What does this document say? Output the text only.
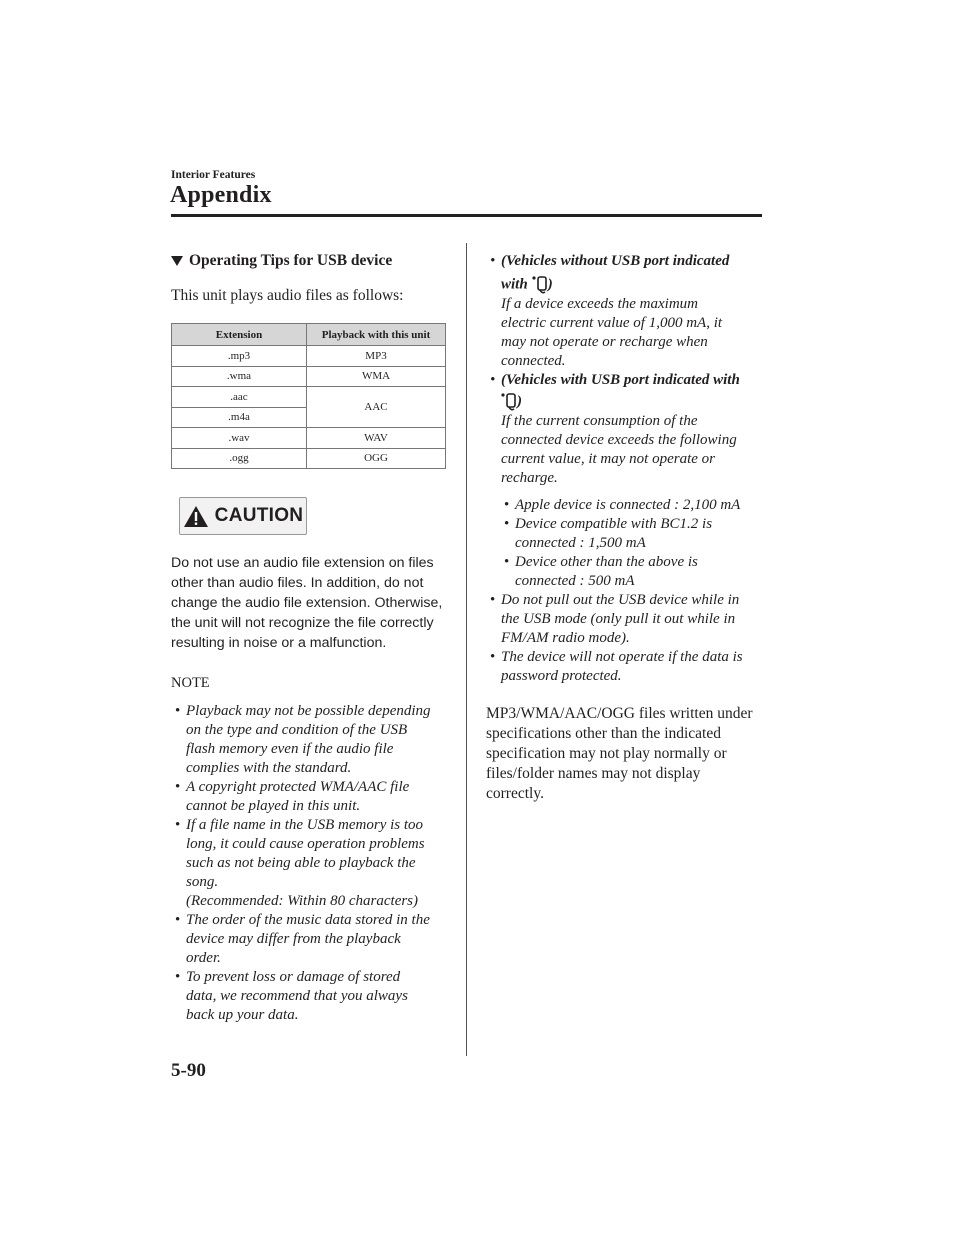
Interior Features
Appendix
Operating Tips for USB device
This unit plays audio files as follows:
Extension	Playback with this unit
.mp3	MP3
.wma	WMA
.aac	AAC
.m4a	
.wav	WAV
.ogg	OGG
CAUTION
Do not use an audio file extension on files
other than audio files. In addition, do not
change the audio file extension. Otherwise,
the unit will not recognize the file correctly
resulting in noise or a malfunction.
NOTE
• Playback may not be possible depending
on the type and condition of the USB
flash memory even if the audio file
complies with the standard.
• A copyright protected WMA/AAC file
cannot be played in this unit.
• If a file name in the USB memory is too
long, it could cause operation problems
such as not being able to playback the
song.
(Recommended: Within 80 characters)
• The order of the music data stored in the
device may differ from the playback
order.
• To prevent loss or damage of stored
data, we recommend that you always
back up your data.
• (Vehicles without USB port indicated
with )
If a device exceeds the maximum
electric current value of 1,000 mA, it
may not operate or recharge when
connected.
• (Vehicles with USB port indicated with
)
If the current consumption of the
connected device exceeds the following
current value, it may not operate or
recharge.
• Apple device is connected : 2,100 mA
• Device compatible with BC1.2 is
connected : 1,500 mA
• Device other than the above is
connected : 500 mA
• Do not pull out the USB device while in
the USB mode (only pull it out while in
FM/AM radio mode).
• The device will not operate if the data is
password protected.
MP3/WMA/AAC/OGG files written under
specifications other than the indicated
specification may not play normally or
files/folder names may not display
correctly.
5-90
